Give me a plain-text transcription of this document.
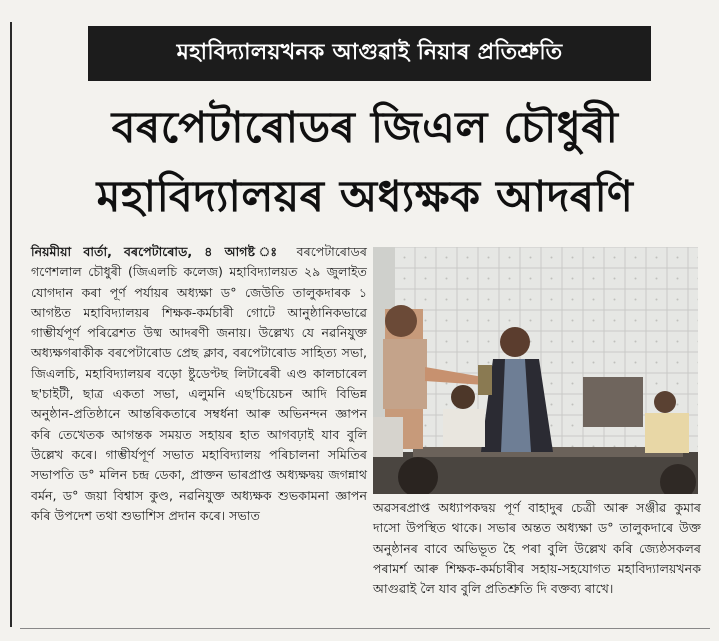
মহাবিদ্যালয়খনক আগুৱাই নিয়াৰ প্ৰতিশ্ৰুতি
বৰপেটাৰোডৰ জিএল চৌধুৰী
মহাবিদ্যালয়ৰ অধ্যক্ষক আদৰণি

নিয়মীয়া বাৰ্তা, বৰপেটাৰোড, ৪ আগষ্ট ঃ বৰপেটাৰোডৰ গণেশলাল চৌধুৰী (জিএলচি কলেজ) মহাবিদ্যালয়ত ২৯ জুলাইত যোগদান কৰা পূৰ্ণ পৰ্যায়ৰ অধ্যক্ষা ড° জেউতি তালুকদাৰক ১ আগষ্টত মহাবিদ্যালয়ৰ শিক্ষক-কৰ্মচাৰী গোটে আনুষ্ঠানিকভাৱে গাম্ভীৰ্যপূৰ্ণ পৰিৱেশত উষ্ম আদৰণী জনায়। উল্লেখ্য যে নৱনিযুক্ত অধ্যক্ষগৰাকীক বৰপেটাৰোড প্ৰেছ ক্লাব, বৰপেটাৰোড সাহিত্য সভা, জিএলচি, মহাবিদ্যালয়ৰ বড়ো ষ্টুডেণ্টছ লিটাৰেৰী এণ্ড কালচাৰেল ছ'চাইটী, ছাত্ৰ একতা সভা, এলুমনি এছ'চিয়েচন আদি বিভিন্ন অনুষ্ঠান-প্ৰতিষ্ঠানে আন্তৰিকতাৰে সম্বৰ্ধনা আৰু অভিনন্দন জ্ঞাপন কৰি তেখেতক আগন্তক সময়ত সহায়ৰ হাত আগবঢ়াই যাব বুলি উল্লেখ কৰে। গাম্ভীৰ্যপূৰ্ণ সভাত মহাবিদ্যালয় পৰিচালনা সমিতিৰ সভাপতি ড° মলিন চন্দ্ৰ ডেকা, প্ৰাক্তন ভাৰপ্ৰাপ্ত অধ্যক্ষদ্বয় জগন্নাথ বৰ্মন, ড° জয়া বিশ্বাস কুণ্ড, নৱনিযুক্ত অধ্যক্ষক শুভকামনা জ্ঞাপন কৰি উপদেশ তথা শুভাশিস প্ৰদান কৰে। সভাত

অৱসৰপ্ৰাপ্ত অধ্যাপকদ্বয় পূৰ্ণ বাহাদুৰ চেত্ৰী আৰু সঞ্জীৱ কুমাৰ দাসো উপস্থিত থাকে। সভাৰ অন্তত অধ্যক্ষা ড° তালুকদাৰে উক্ত অনুষ্ঠানৰ বাবে অভিভূত হৈ পৰা বুলি উল্লেখ কৰি জ্যেষ্ঠসকলৰ পৰামৰ্শ আৰু শিক্ষক-কৰ্মচাৰীৰ সহায়-সহযোগত মহাবিদ্যালয়খনক আগুৱাই লৈ যাব বুলি প্ৰতিশ্ৰুতি দি বক্তব্য ৰাখে।
